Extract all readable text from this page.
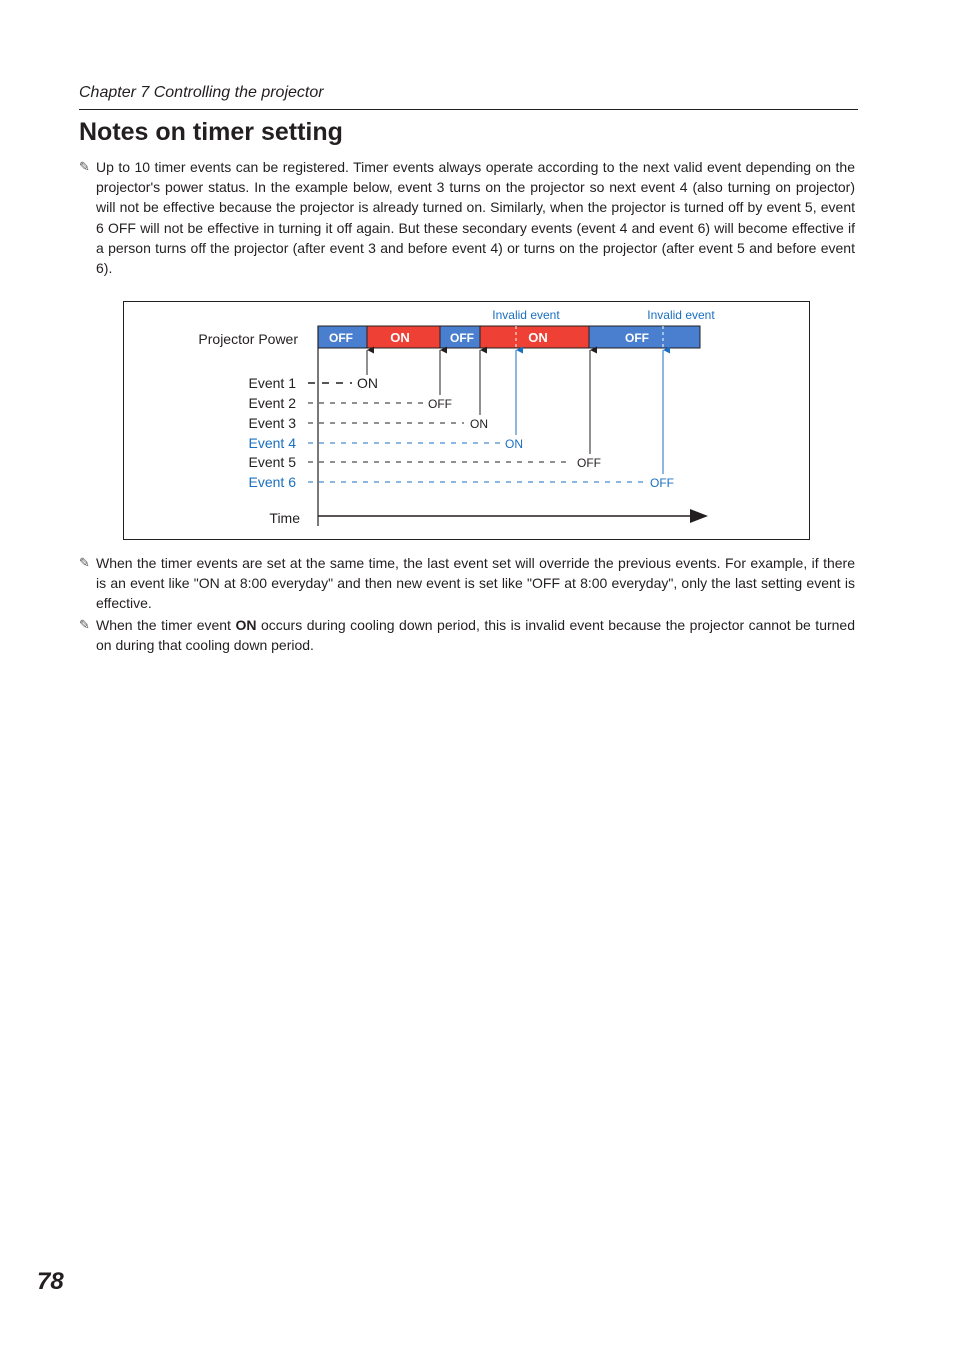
Chapter 7 Controlling the projector
Notes on timer setting
✎ Up to 10 timer events can be registered. Timer events always operate according to the next valid event depending on the projector's power status. In the example below, event 3 turns on the projector so next event 4 (also turning on projector) will not be effective because the projector is already turned on. Similarly, when the projector is turned off by event 5, event 6 OFF will not be effective in turning it off again. But these secondary events (event 4 and event 6) will become effective if a person turns off the projector (after event 3 and before event 4) or turns on the projector (after event 5 and before event 6).
Projector Power
Invalid event	Invalid event
OFF	ON	OFF	ON	OFF
Event 1
Event 2
Event 3
Event 4
Event 5
Event 6
ON
OFF
ON
ON
OFF
OFF
Time
✎ When the timer events are set at the same time, the last event set will override the previous events. For example, if there is an event like "ON at 8:00 everyday" and then new event is set like "OFF at 8:00 everyday", only the last setting event is effective.
✎ When the timer event ON occurs during cooling down period, this is invalid event because the projector cannot be turned on during that cooling down period.
78
